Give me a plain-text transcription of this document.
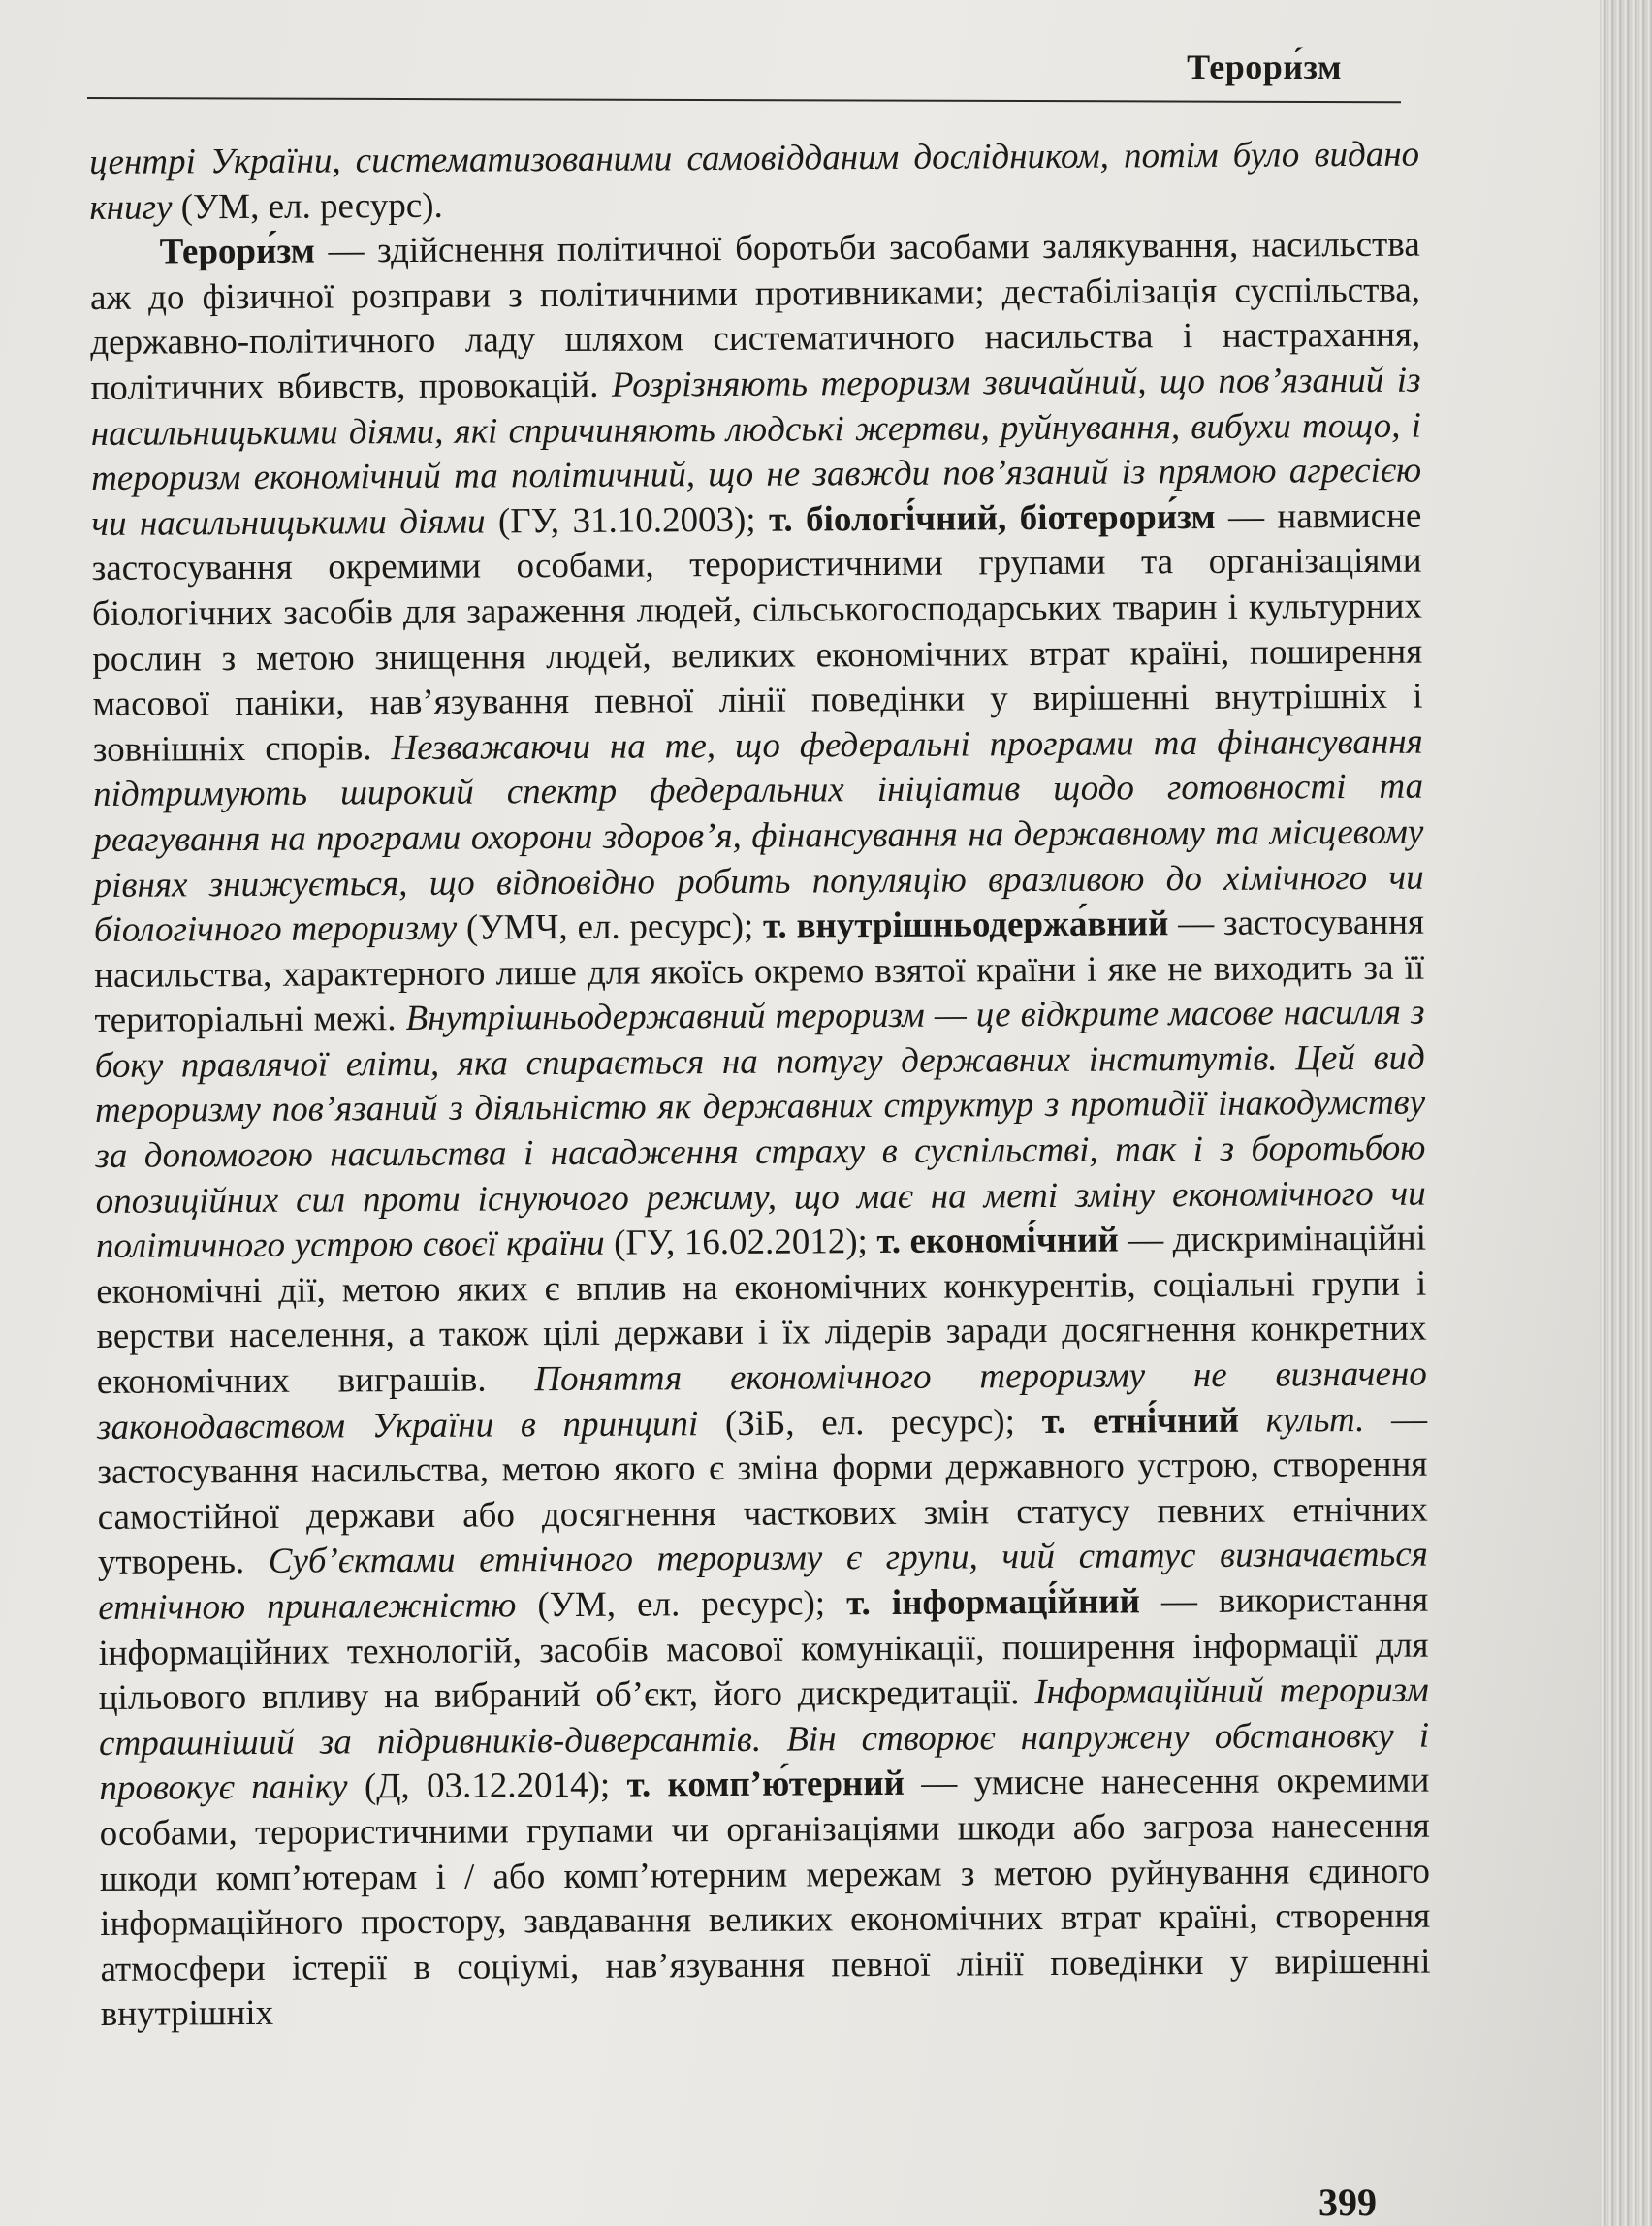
Терори́зм

центрі України, систематизованими самовідданим дослідником, потім було видано книгу (УМ, ел. ресурс).

Терори́зм — здійснення політичної боротьби засобами залякування, насильства аж до фізичної розправи з політичними противниками; дестабілізація суспільства, державно-політичного ладу шляхом систематичного насильства і настрахання, політичних вбивств, провокацій. Розрізняють тероризм звичайний, що пов’язаний із насильницькими діями, які спричиняють людські жертви, руйнування, вибухи тощо, і тероризм економічний та політичний, що не завжди пов’язаний із прямою агресією чи насильницькими діями (ГУ, 31.10.2003); т. біологі́чний, біотерори́зм — навмисне застосування окремими особами, терористичними групами та організаціями біологічних засобів для зараження людей, сільськогосподарських тварин і культурних рослин з метою знищення людей, великих економічних втрат країні, поширення масової паніки, нав’язування певної лінії поведінки у вирішенні внутрішніх і зовнішніх спорів. Незважаючи на те, що федеральні програми та фінансування підтримують широкий спектр федеральних ініціатив щодо готовності та реагування на програми охорони здоров’я, фінансування на державному та місцевому рівнях знижується, що відповідно робить популяцію вразливою до хімічного чи біологічного тероризму (УМЧ, ел. ресурс); т. внутрішньодержа́вний — застосування насильства, характерного лише для якоїсь окремо взятої країни і яке не виходить за її територіальні межі. Внутрішньодержавний тероризм — це відкрите масове насилля з боку правлячої еліти, яка спирається на потугу державних інститутів. Цей вид тероризму пов’язаний з діяльністю як державних структур з протидії інакодумству за допомогою насильства і насадження страху в суспільстві, так і з боротьбою опозиційних сил проти існуючого режиму, що має на меті зміну економічного чи політичного устрою своєї країни (ГУ, 16.02.2012); т. економі́чний — дискримінаційні економічні дії, метою яких є вплив на економічних конкурентів, соціальні групи і верстви населення, а також цілі держави і їх лідерів заради досягнення конкретних економічних виграшів. Поняття економічного тероризму не визначено законодавством України в принципі (ЗіБ, ел. ресурс); т. етні́чний культ. — застосування насильства, метою якого є зміна форми державного устрою, створення самостійної держави або досягнення часткових змін статусу певних етнічних утворень. Суб’єктами етнічного тероризму є групи, чий статус визначається етнічною приналежністю (УМ, ел. ресурс); т. інформаці́йний — використання інформаційних технологій, засобів масової комунікації, поширення інформації для цільового впливу на вибраний об’єкт, його дискредитації. Інформаційний тероризм страшніший за підривників-диверсантів. Він створює напружену обстановку і провокує паніку (Д, 03.12.2014); т. комп’ю́терний — умисне нанесення окремими особами, терористичними групами чи організаціями шкоди або загроза нанесення шкоди комп’ютерам і / або комп’ютерним мережам з метою руйнування єдиного інформаційного простору, завдавання великих економічних втрат країні, створення атмосфери істерії в соціумі, нав’язування певної лінії поведінки у вирішенні внутрішніх

399
